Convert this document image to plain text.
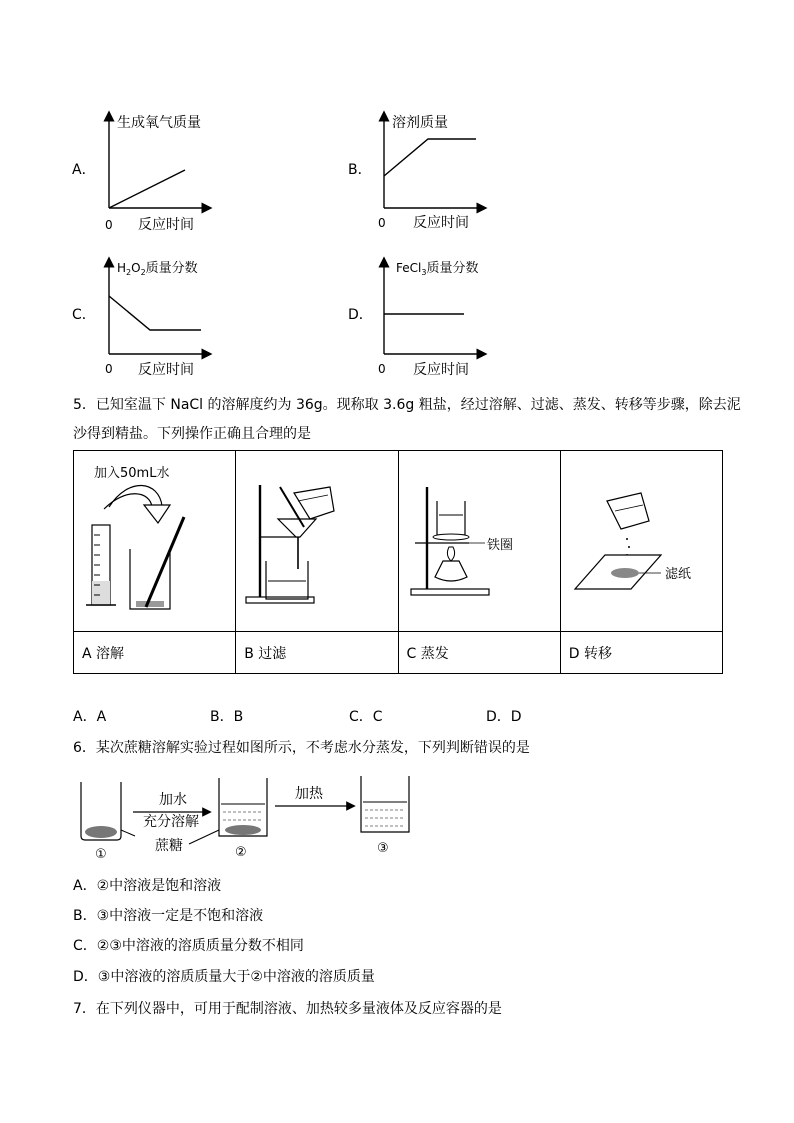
A．
生成氧气质量
0 反应时间
B．
溶剂质量
0 反应时间
C．
$H_2O_2$质量分数
0 反应时间
D．
FeCl$_3$质量分数
0 反应时间
5．已知室温下 NaCl 的溶解度约为 36g。现称取 3.6g 粗盐，经过溶解、过滤、蒸发、转移等步骤，除去泥
沙得到精盐。下列操作正确且合理的是
加入50mL水		铁圈	滤纸

A 溶解	B 过滤	C 蒸发	D 转移
A．A	B．B	C．C	D．D
6．某次蔗糖溶解实验过程如图所示，不考虑水分蒸发，下列判断错误的是
①
加水
充分溶解
蔗糖	②
加热
③
A．②中溶液是饱和溶液
B．③中溶液一定是不饱和溶液
C．②③中溶液的溶质质量分数不相同
D．③中溶液的溶质质量大于②中溶液的溶质质量
7．在下列仪器中，可用于配制溶液、加热较多量液体及反应容器的是
